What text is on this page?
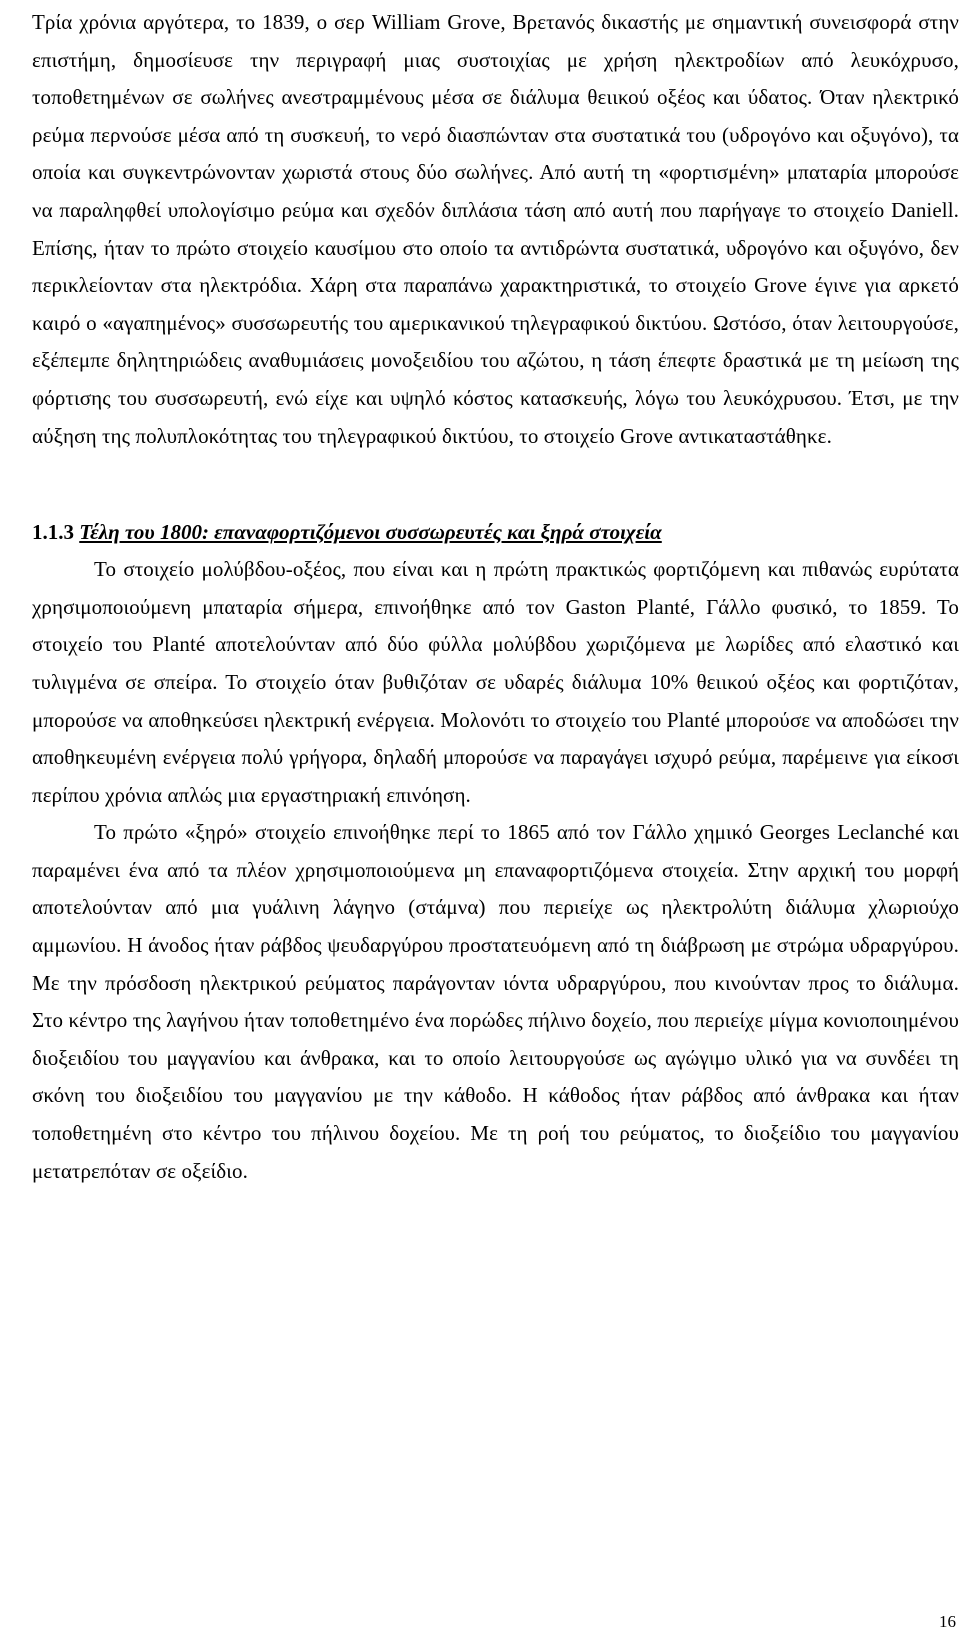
Τρία χρόνια αργότερα, το 1839, ο σερ William Grove, Βρετανός δικαστής με σημαντική συνεισφορά στην επιστήμη, δημοσίευσε την περιγραφή μιας συστοιχίας με χρήση ηλεκτροδίων από λευκόχρυσο, τοποθετημένων σε σωλήνες ανεστραμμένους μέσα σε διάλυμα θειικού οξέος και ύδατος. Όταν ηλεκτρικό ρεύμα περνούσε μέσα από τη συσκευή, το νερό διασπώνταν στα συστατικά του (υδρογόνο και οξυγόνο), τα οποία και συγκεντρώνονταν χωριστά στους δύο σωλήνες. Από αυτή τη «φορτισμένη» μπαταρία μπορούσε να παραληφθεί υπολογίσιμο ρεύμα και σχεδόν διπλάσια τάση από αυτή που παρήγαγε το στοιχείο Daniell. Επίσης, ήταν το πρώτο στοιχείο καυσίμου στο οποίο τα αντιδρώντα συστατικά, υδρογόνο και οξυγόνο, δεν περικλείονταν στα ηλεκτρόδια. Χάρη στα παραπάνω χαρακτηριστικά, το στοιχείο Grove έγινε για αρκετό καιρό ο «αγαπημένος» συσσωρευτής του αμερικανικού τηλεγραφικού δικτύου. Ωστόσο, όταν λειτουργούσε, εξέπεμπε δηλητηριώδεις αναθυμιάσεις μονοξειδίου του αζώτου, η τάση έπεφτε δραστικά με τη μείωση της φόρτισης του συσσωρευτή, ενώ είχε και υψηλό κόστος κατασκευής, λόγω του λευκόχρυσου. Έτσι, με την αύξηση της πολυπλοκότητας του τηλεγραφικού δικτύου, το στοιχείο Grove αντικαταστάθηκε.

1.1.3 Τέλη του 1800: επαναφορτιζόμενοι συσσωρευτές και ξηρά στοιχεία

Το στοιχείο μολύβδου-οξέος, που είναι και η πρώτη πρακτικώς φορτιζόμενη και πιθανώς ευρύτατα χρησιμοποιούμενη μπαταρία σήμερα, επινοήθηκε από τον Gaston Planté, Γάλλο φυσικό, το 1859. Το στοιχείο του Planté αποτελούνταν από δύο φύλλα μολύβδου χωριζόμενα με λωρίδες από ελαστικό και τυλιγμένα σε σπείρα. Το στοιχείο όταν βυθιζόταν σε υδαρές διάλυμα 10% θειικού οξέος και φορτιζόταν, μπορούσε να αποθηκεύσει ηλεκτρική ενέργεια. Μολονότι το στοιχείο του Planté μπορούσε να αποδώσει την αποθηκευμένη ενέργεια πολύ γρήγορα, δηλαδή μπορούσε να παραγάγει ισχυρό ρεύμα, παρέμεινε για είκοσι περίπου χρόνια απλώς μια εργαστηριακή επινόηση.

Το πρώτο «ξηρό» στοιχείο επινοήθηκε περί το 1865 από τον Γάλλο χημικό Georges Leclanché και παραμένει ένα από τα πλέον χρησιμοποιούμενα μη επαναφορτιζόμενα στοιχεία. Στην αρχική του μορφή αποτελούνταν από μια γυάλινη λάγηνο (στάμνα) που περιείχε ως ηλεκτρολύτη διάλυμα χλωριούχο αμμωνίου. Η άνοδος ήταν ράβδος ψευδαργύρου προστατευόμενη από τη διάβρωση με στρώμα υδραργύρου. Με την πρόσδοση ηλεκτρικού ρεύματος παράγονταν ιόντα υδραργύρου, που κινούνταν προς το διάλυμα. Στο κέντρο της λαγήνου ήταν τοποθετημένο ένα πορώδες πήλινο δοχείο, που περιείχε μίγμα κονιοποιημένου διοξειδίου του μαγγανίου και άνθρακα, και το οποίο λειτουργούσε ως αγώγιμο υλικό για να συνδέει τη σκόνη του διοξειδίου του μαγγανίου με την κάθοδο. Η κάθοδος ήταν ράβδος από άνθρακα και ήταν τοποθετημένη στο κέντρο του πήλινου δοχείου. Με τη ροή του ρεύματος, το διοξείδιο του μαγγανίου μετατρεπόταν σε οξείδιο.

16
